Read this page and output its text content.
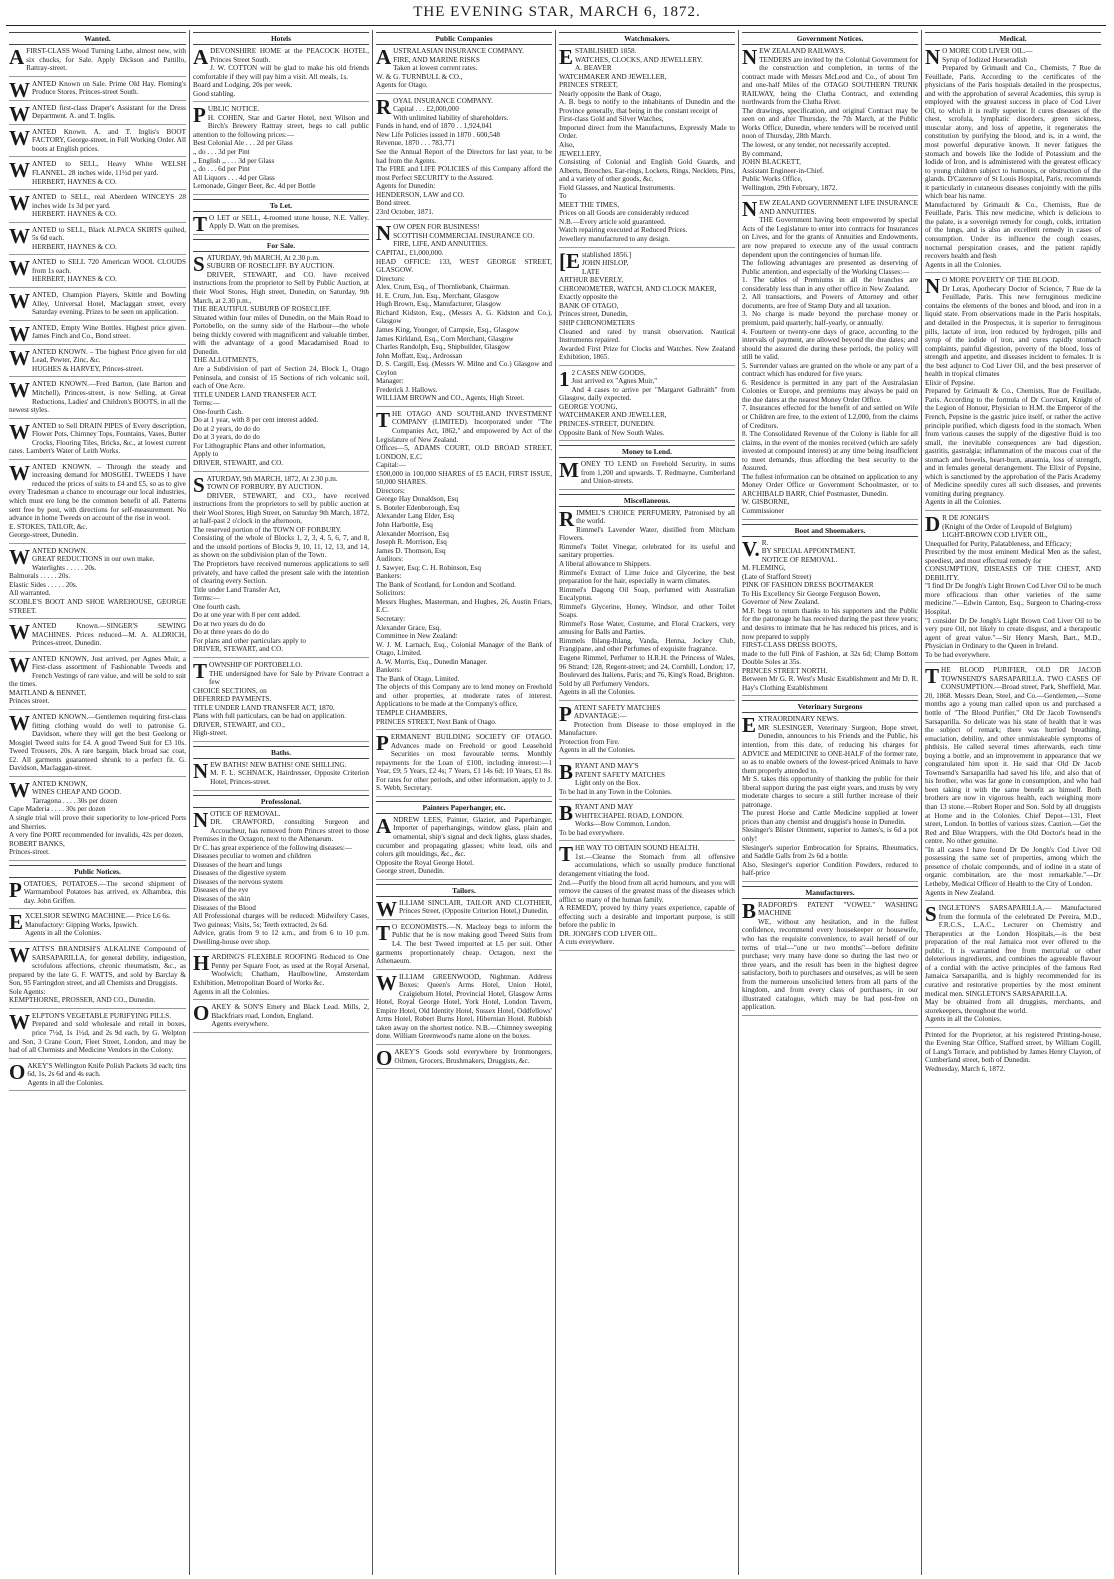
THE EVENING STAR, MARCH 6, 1872.
Wanted.
AFIRST-CLASS Wood Turning Lathe, almost new, with six chucks, for Sale. Apply Dickson and Pattillo, Rattray-street.
WANTED Known on Sale. Prime Old Hay. Fleming's Produce Stores, Princes-street South.
WANTED first-class Draper's Assistant for the Dress Department. A. and T. Inglis.
WANTED Known. A. and T. Inglis's BOOT FACTORY, George-street, in Full Working Order. All boots at English prices.
WANTED to SELL, Heavy White WELSH FLANNEL. 28 inches wide, 11½d per yard.
HERBERT, HAYNES & CO.
WANTED to SELL, real Aberdeen WINCEYS 28 inches wide 1s 3d per yard.
HERBERT. HAYNES & CO.
WANTED to SELL, Black ALPACA SKIRTS quilted, 5s 6d each.
HERBERT, HAYNES & CO.
WANTED to SELL 720 American WOOL CLOUDS from 1s each.
HERBERT, HAYNES & CO.
WANTED, Champion Players, Skittle and Bowling Alley, Universal Hotel, Maclaggan street, every Saturday evening. Prizes to be seen on application.
WANTED, Empty Wine Bottles. Highest price given. James Finch and Co., Bond street.
WANTED KNOWN. – The highest Price given for old Lead, Pewter, Zinc, &c.
HUGHES & HARVEY, Princes-street.
WANTED KNOWN.—Fred Barton, (late Barton and Mitchell), Princes-street, is now Selling, at Great Reductions, Ladies' and Children's BOOTS, in all the newest styles.
WANTED to Sell DRAIN PIPES of Every description, Flower Pots, Chimney Tops, Fountains, Vases, Butter Crocks, Flooring Tiles, Bricks, &c., at lowest current rates. Lambert's Water of Leith Works.
WANTED KNOWN. – Through the steady and increasing demand for MOSGIEL TWEEDS I have reduced the prices of suits to £4 and £5, so as to give every Tradesman a chance to encourage our local industries, which must ere long be the common benefit of all. Patterns sent free by post, with directions for self-measurement. No advance in home Tweeds on account of the rise in wool.
E. STOKES, TAILOR, &c.
George-street, Dunedin.
WANTED KNOWN.
GREAT REDUCTIONS in our own make.
Waterlights . . . . . 20s.
Balmorals . . . . . 20s.
Elastic Sides . . . . . 20s.
All warranted.
SCOBLE'S BOOT AND SHOE WAREHOUSE, GEORGE STREET.
WANTED Known.—SINGER'S SEWING MACHINES. Prices reduced—M. A. ALDRICH, Princes-street, Dunedin.
WANTED KNOWN, Just arrived, per Agnes Muir, a First-class assortment of Fashionable Tweeds and French Vestings of rare value, and will be sold to suit the times.
MAITLAND & BENNET,
Princes street.
WANTED KNOWN.—Gentlemen requiring first-class fitting clothing would do well to patronise G. Davidson, where they will get the best Geelong or Mosgiel Tweed suits for £4. A good Tweed Suit for £3 10s. Tweed Trousers, 20s. A rare bargain, black broad sac coat, £2. All garments guaranteed shrunk to a perfect fit. G. Davidson, Maclaggan-street.
WANTED KNOWN,
WINES CHEAP AND GOOD.
Tarragona . . . . 30s per dozen
Cape Maderia . . . . 30s per dozen
A single trial will prove their superiority to low-priced Ports and Sherries.
A very fine PORT recommended for invalids, 42s per dozen.
ROBERT BANKS,
Princes-street.
Public Notices.
POTATOES, POTATOES.—The second shipment of Warrnambool Potatoes has arrived, ex Alhambra, this day. John Griffen.
EXCELSIOR SEWING MACHINE.— Price L6 6s.
Manufactory: Gipping Works, Ipswich.
Agents in all the Colonies.
WATTS'S BRANDISH'S ALKALINE Compound of SARSAPARILLA, for general debility, indigestion, scrofulous affections, chronic rheumatism, &c., as prepared by the late G. F. WATTS, and sold by Barclay & Son, 95 Farringdon street, and all Chemists and Druggists.
Sole Agents:
KEMPTHORNE, PROSSER, AND CO., Dunedin.
WELPTON'S VEGETABLE PURIFYING PILLS.
Prepared and sold wholesale and retail in boxes, price 7½d, 1s 1½d, and 2s 9d each, by G. Welpton and Son, 3 Crane Court, Fleet Street, London, and may be had of all Chemists and Medicine Vendors in the Colony.
OAKEY'S Wellington Knife Polish Packets 3d each; tins 6d, 1s, 2s 6d and 4s each.
Agents in all the Colonies.
Hotels
ADEVONSHIRE HOME at the PEACOCK HOTEL, Princes Street South.
J. W. COTTON will be glad to make his old friends comfortable if they will pay him a visit. All meals, 1s.
Board and Lodging, 20s per week.
Good stabling.
PUBLIC NOTICE.
H. COHEN, Star and Garter Hotel, next Wilson and Birch's Brewery Rattray street, begs to call public attention to the following prices:—
Best Colonial Ale . . . 2d per Glass
,, do . . . 3d per Pint
,, English ,, . . . 3d per Glass
,, do . . . 6d per Pint
All Liquors . . . 4d per Glass
Lemonade, Ginger Beer, &c. 4d per Bottle
To Let.
TO LET or SELL, 4-roomed stone house, N.E. Valley. Apply D. Watt on the premises.
For Sale.
SATURDAY, 9th MARCH, At 2.30 p.m.
SUBURB OF ROSECLIFF. BY AUCTION.
DRIVER, STEWART, and CO. have received instructions from the proprietor to Sell by Public Auction, at their Wool Stores, High street, Dunedin, on Saturday, 9th March, at 2.30 p.m.,
THE BEAUTIFUL SUBURB OF ROSECLIFF.
Situated within four miles of Dunedin, on the Main Road to Portobello, on the sunny side of the Harbour—the whole being thickly covered with magnificent and valuable timber, with the advantage of a good Macadamised Road to Dunedin.
THE ALLOTMENTS,
Are a Subdivision of part of Section 24, Block I., Otago Peninsula, and consist of 15 Sections of rich volcanic soil, each of One Acre.
TITLE UNDER LAND TRANSFER ACT.
Terms:—
One-fourth Cash.
Do at 1 year, with 8 per cent interest added.
Do at 2 years, do do do
Do at 3 years, do do do
For Lithographic Plans and other information,
Apply to
DRIVER, STEWART, and CO.
SATURDAY, 9th MARCH, 1872, At 2.30 p.m.
TOWN OF FORBURY. BY AUCTION.
DRIVER, STEWART, and CO., have received instructions from the proprietors to sell by public auction at their Wool Stores, High Street, on Saturday 9th March, 1872, at half-past 2 o'clock in the afternoon,
The reserved portion of the TOWN OF FORBURY.
Consisting of the whole of Blocks 1, 2, 3, 4, 5, 6, 7, and 8, and the unsold portions of Blocks 9, 10, 11, 12, 13, and 14, as shown on the subdivision plan of the Town.
The Proprietors have received numerous applications to sell privately, and have called the present sale with the intention of clearing every Section.
Title under Land Transfer Act,
Terms:—
One fourth cash.
Do at one year with 8 per cent added.
Do at two years do do do
Do at three years do do do
For plans and other particulars apply to
DRIVER, STEWART, and CO.
TOWNSHIP OF PORTOBELLO.
THE undersigned have for Sale by Private Contract a few
CHOICE SECTIONS, on
DEFERRED PAYMENTS.
TITLE UNDER LAND TRANSFER ACT, 1870.
Plans with full particulars, can be had on application.
DRIVER, STEWART, and CO.,
High-street.
Baths.
NEW BATHS! NEW BATHS! ONE SHILLING.
M. F. L. SCHNACK, Hairdresser, Opposite Criterion Hotel, Princes-street.
Professional.
NOTICE OF REMOVAL.
DR. CRAWFORD, consulting Surgeon and Accoucheur, has removed from Princes street to those Premises in the Octagon, next to the Athenaeum.
Dr C. has great experience of the following diseases:—
Diseases peculiar to women and children
Diseases of the heart and lungs
Diseases of the digestive system
Diseases of the nervous system
Diseases of the eye
Diseases of the skin
Diseases of the Blood
All Professional charges will be reduced: Midwifery Cases, Two guineas; Visits, 5s; Teeth extracted, 2s 6d.
Advice, gratis from 9 to 12 a.m., and from 6 to 10 p.m. Dwelling-house over shop.
HARDING'S FLEXIBLE ROOFING Reduced to One Penny per Square Foot, as used at the Royal Arsenal, Woolwich; Chatham, Haulbowline, Amsterdam Exhibition, Metropolitan Board of Works &c.
Agents in all the Colonies.
OAKEY & SON'S Emery and Black Lead. Mills, 2, Blackfriars road, London, England.
Agents everywhere.
Public Companies
AUSTRALASIAN INSURANCE COMPANY.
FIRE, AND MARINE RISKS
Taken at lowest current rates.
W. & G. TURNBULL & CO.,
Agents for Otago.
ROYAL INSURANCE COMPANY.
Capital . . . £2,000,000
With unlimited liability of shareholders.
Funds in hand, end of 1870 . . 1,924,041
New Life Policies issued in 1870 . 600,548
Revenue, 1870 . . . 783,771
See the Annual Report of the Directors for last year, to be had from the Agents.
The FIRE and LIFE POLICIES of this Company afford the most Perfect SECURITY to the Assured.
Agents for Dunedin:
HENDERSON, LAW and CO.
Bond street.
23rd October, 1871.
NOW OPEN FOR BUSINESS!
SCOTTISH COMMERCIAL INSURANCE CO.
FIRE, LIFE, AND ANNUITIES.
CAPITAL, £1,000,000.
HEAD OFFICE: 133, WEST GEORGE STREET, GLASGOW.
Directors:
Alex. Crum, Esq., of Thornliebank, Chairman.
H. E. Crum, Jun. Esq., Merchant, Glasgow
Hugh Brown, Esq., Manufacturer, Glasgow
Richard Kidston, Esq., (Messrs A. G. Kidston and Co.), Glasgow
James King, Younger, of Campsie, Esq., Glasgow
James Kirkland, Esq., Corn Merchant, Glasgow
Charles Randolph, Esq., Shipbuilder, Glasgow
John Moffatt, Esq., Ardrossan
D. S. Cargill, Esq. (Messrs W. Milne and Co.) Glasgow and Ceylon
Manager:
Frederick J. Hallows.
WILLIAM BROWN and CO., Agents, High Street.
THE OTAGO AND SOUTHLAND INVESTMENT COMPANY (LIMITED). Incorporated under "The Companies Act, 1862," and empowered by Act of the Legislature of New Zealand.
Offices—5, ADAMS COURT, OLD BROAD STREET, LONDON, E.C.
Capital:—
£500,000 in 100,000 SHARES of £5 EACH, FIRST ISSUE, 50,000 SHARES.
Directors:
George Hay Donaldson, Esq
S. Boteler Edenborough, Esq
Alexander Lang Elder, Esq
John Harbottle, Esq
Alexander Morrison, Esq
Joseph R. Morrison, Esq
James D. Thomson, Esq
Auditors:
J. Sawyer, Esq; C. H. Robinson, Esq
Bankers:
The Bank of Scotland, for London and Scotland.
Solicitors:
Messrs Hughes, Masterman, and Hughes, 26, Austin Friars, E.C.
Secretary:
Alexander Grace, Esq.
Committee in New Zealand:
W. J. M. Larnach, Esq., Colonial Manager of the Bank of Otago, Limited.
A. W. Morris, Esq., Dunedin Manager.
Bankers:
The Bank of Otago, Limited.
The objects of this Company are to lend money on Freehold and other properties, at moderate rates of interest. Applications to be made at the Company's office,
TEMPLE CHAMBERS,
PRINCES STREET, Next Bank of Otago.
PERMANENT BUILDING SOCIETY OF OTAGO. Advances made on Freehold or good Leasehold Securities on most favourable terms. Monthly repayments for the Loan of £100, including interest:—1 Year, £9; 5 Years, £2 4s; 7 Years, £1 14s 6d; 10 Years, £1 8s. For rates for other periods, and other information, apply to J. S. Webb, Secretary.
Painters Paperhanger, etc.
ANDREW LEES, Painter, Glazier, and Paperhanger, Importer of paperhangings, window glass, plain and ornamental, ship's signal and deck lights, glass shades, cucumber and propagating glasses; white lead, oils and colors gilt mouldings, &c., &c.
Opposite the Royal George Hotel.
George street, Dunedin.
Tailors.
WILLIAM SINCLAIR, TAILOR AND CLOTHIER, Princes Street, (Opposite Criterion Hotel,) Dunedin.
TO ECONOMISTS.—N. Macleay begs to inform the Public that he is now making good Tweed Suits from L4. The best Tweed imported at L5 per suit. Other garments proportionately cheap. Octagon, next the Athenaeum.
WILLIAM GREENWOOD, Nightman. Address Boxes: Queen's Arms Hotel, Union Hotel, Craigieburn Hotel, Provincial Hotel, Glasgow Arms Hotel, Royal George Hotel, York Hotel, London Tavern, Empire Hotel, Old Identity Hotel, Sussex Hotel, Oddfellows' Arms Hotel, Robert Burns Hotel, Hibernian Hotel. Rubbish taken away on the shortest notice. N.B.—Chimney sweeping done. William Greenwood's name alone on the boxes.
OAKEY'S Goods sold everywhere by Ironmongers, Oilmen, Grocers, Brushmakers, Druggists, &c.
Watchmakers.
ESTABLISHED 1858.
WATCHES, CLOCKS, AND JEWELLERY.
A. BEAVER
WATCHMAKER AND JEWELLER,
PRINCES STREET,
Nearly opposite the Bank of Otago,
A. B. begs to notify to the inhabitants of Dunedin and the Province generally, that being in the constant receipt of
First-class Gold and Silver Watches,
Imported direct from the Manufactures, Expressly Made to Order.
Also,
JEWELLERY,
Consisting of Colonial and English Gold Guards, and Alberts, Brooches, Ear-rings, Lockets, Rings, Necklets, Pins, and a variety of other goods, &c.
Field Glasses, and Nautical Instruments.
To
MEET THE TIMES,
Prices on all Goods are considerably reduced
N.B.—Every article sold guaranteed.
Watch repairing executed at Reduced Prices.
Jewellery manufactured to any design.
[Established 1856.]
JOHN HISLOP,
LATE
ARTHUR BEVERLY,
CHRONOMETER, WATCH, AND CLOCK MAKER,
Exactly opposite the
BANK OF OTAGO,
Princes street, Dunedin,
SHIP CHRONOMETERS
Cleaned and rated by transit observation. Nautical Instruments repaired.
Awarded First Prize for Clocks and Watches. New Zealand Exhibition, 1865.
12 CASES NEW GOODS,
Just arrived ex "Agnes Muir,"
And 4 cases to arrive per "Margaret Galbraith" from Glasgow, daily expected.
GEORGE YOUNG,
WATCHMAKER AND JEWELLER,
PRINCES-STREET, DUNEDIN.
Opposite Bank of New South Wales.
Money to Lend.
MONEY TO LEND on Freehold Security, in sums from 1,200 and upwards. T. Redmayne, Cumberland and Union-streets.
Miscellaneous.
RIMMEL'S CHOICE PERFUMERY, Patronised by all the world.
Rimmel's Lavender Water, distilled from Mitcham Flowers.
Rimmel's Toilet Vinegar, celebrated for its useful and sanitary properties.
A liberal allowance to Shippers.
Rimmel's Extract of Lime Juice and Glycerine, the best preparation for the hair, especially in warm climates.
Rimmel's Dagong Oil Soap, perfumed with Australian Eucalyptus.
Rimmel's Glycerine, Honey, Windsor, and other Toilet Soaps.
Rimmel's Rose Water, Costume, and Floral Crackers, very amusing for Balls and Parties.
Rimmels Ihlang-Ihlang, Vanda, Henna, Jockey Club, Frangipane, and other Perfumes of exquisite fragrance.
Eugene Rimmel, Perfumer to H.R.H. the Princess of Wales, 96 Strand; 128, Regent-street; and 24, Cornhill, London; 17, Boulevard des Italiens, Paris; and 76, King's Road, Brighton.
Sold by all Perfumery Vendors.
Agents in all the Colonies.
PATENT SAFETY MATCHES
ADVANTAGE:—
Protection from Disease to those employed in the Manufacture.
Protection from Fire.
Agents in all the Colonies.
BRYANT AND MAY'S
PATENT SAFETY MATCHES
Light only on the Box.
To be had in any Town in the Colonies.
BRYANT AND MAY
WHITECHAPEL ROAD, LONDON.
Works—Bow Common, London.
To be had everywhere.
THE WAY TO OBTAIN SOUND HEALTH.
1st.—Cleanse the Stomach from all offensive accumulations, which so usually produce functional derangement vitiating the food.
2nd.—Purify the blood from all acrid humours, and you will remove the causes of the greatest mass of the diseases which afflict so many of the human family.
A REMEDY, proved by thirty years experience, capable of effecting such a desirable and important purpose, is still before the public in
DR. JONGH'S COD LIVER OIL.
A cuts everywhere.
Government Notices.
NEW ZEALAND RAILWAYS.
TENDERS are invited by the Colonial Government for the construction and completion, in terms of the contract made with Messrs McLeod and Co., of about Ten and one-half Miles of the OTAGO SOUTHERN TRUNK RAILWAY, being the Clutha Contract, and extending northwards from the Clutha River.
The drawings, specification, and original Contract may be seen on and after Thursday, the 7th March, at the Public Works Office, Dunedin, where tenders will be received until noon of Thursday, 28th March.
The lowest, or any tender, not necessarily accepted.
By command,
JOHN BLACKETT,
Assistant Engineer-in-Chief.
Public Works Office,
Wellington, 29th February, 1872.
NEW ZEALAND GOVERNMENT LIFE INSURANCE AND ANNUITIES.
THE Government having been empowered by special Acts of the Legislature to enter into contracts for Insurances on Lives, and for the grants of Annuities and Endowments, are now prepared to execute any of the usual contracts dependent upon the contingencies of human life.
The following advantages are presented as deserving of Public attention, and especially of the Working Classes:—
1. The tables of Premiums in all the branches are considerably less than in any other office in New Zealand.
2. All transactions, and Powers of Attorney and other documents, are free of Stamp Duty and all taxation.
3. No charge is made beyond the purchase money or premium, paid quarterly, half-yearly, or annually.
4. Fourteen or twenty-one days of grace, according to the intervals of payment, are allowed beyond the due dates; and should the assured die during these periods, the policy will still be valid.
5. Surrender values are granted on the whole or any part of a contract which has endured for five years.
6. Residence is permitted in any part of the Australasian Colonies or Europe, and premiums may always be paid on the due dates at the nearest Money Order Office.
7. Insurances effected for the benefit of and settled on Wife or Children are free, to the extent of L2,000, from the claims of Creditors.
8. The Consolidated Revenue of the Colony is liable for all claims, in the event of the monies received (which are safely invested at compound interest) at any time being insufficient to meet demands, thus affording the best security to the Assured.
The fullest information can be obtained on application to any Money Order Office or Government Schoolmaster, or to ARCHIBALD BARR, Chief Postmaster, Dunedin.
W. GISBORNE,
Commissioner
Boot and Shoemakers.
V.R.
BY SPECIAL APPOINTMENT.
NOTICE OF REMOVAL.
M. FLEMING,
(Late of Stafford Street)
PINK OF FASHION DRESS BOOTMAKER
To His Excellency Sir George Ferguson Bowen,
Governor of New Zealand.
M.F. begs to return thanks to his supporters and the Public for the patronage he has received during the past three years; and desires to intimate that he has reduced his prices, and is now prepared to supply
FIRST-CLASS DRESS BOOTS,
made to the full Pink of Fashion, at 32s 6d; Clump Bottom Double Soles at 35s.
PRINCES STREET NORTH.
Between Mr G. R. West's Music Establishment and Mr D. R. Hay's Clothing Establishment
Veterinary Surgeons
EXTRAORDINARY NEWS.
MR SLESINGER, Veterinary Surgeon, Hope street, Dunedin, announces to his Friends and the Public, his intention, from this date, of reducing his charges for ADVICE and MEDICINE to ONE-HALF of the former rate, so as to enable owners of the lowest-priced Animals to have them properly attended to.
Mr S. takes this opportunity of thanking the public for their liberal support during the past eight years, and trusts by very moderate charges to secure a still further increase of their patronage.
The purest Horse and Cattle Medicine supplied at lower prices than any chemist and druggist's house in Dunedin.
Slesinger's Blister Ointment, superior to James's, is 6d a pot only!
Slesinger's superior Embrocation for Sprains, Rheumatics, and Saddle Galls from 2s 6d a bottle.
Also, Slesinger's superior Condition Powders, reduced to half-price
Manufacturers.
BRADFORD'S PATENT "VOWEL" WASHING MACHINE
WE, without any hesitation, and in the fullest confidence, recommend every housekeeper or housewife, who has the requisite convenience, to avail herself of our terms of trial—"one or two months"—before definite purchase; very many have done so during the last two or three years, and the result has been in the highest degree satisfactory, both to purchasers and ourselves, as will be seen from the numerous unsolicited letters from all parts of the kingdom, and from every class of purchasers, in our illustrated catalogue, which may be had post-free on application.
Medical.
NO MORE COD LIVER OIL.—
Syrup of Iodized Horseradish
Prepared by Grimault and Co., Chemists, 7 Rue de Feuillade, Paris. According to the certificates of the physicians of the Paris hospitals detailed in the prospectus, and with the approbation of several Academies, this syrup is employed with the greatest success in place of Cod Liver Oil, to which it is really superior. It cures diseases of the chest, scrofula, lymphatic disorders, green sickness, muscular atony, and loss of appetite, it regenerates the constitution by purifying the blood, and is, in a word, the most powerful depurative known. It never fatigues the stomach and bowels like the Iodide of Potassium and the Iodide of Iron, and is administered with the greatest efficacy to young children subject to humours, or obstruction of the glands. D'Cazenave of St Louis Hospital, Paris, recommends it particularly in cutaneous diseases conjointly with the pills which bear his name.
Manufactured by Grimault & Co., Chemists, Rue de Feuillade, Paris. This new medicine, which is delicious to the palate, is a sovereign remedy for cough, colds, irritation of the lungs, and is also an excellent remedy in cases of consumption. Under its influence the cough ceases, nocturnal perspiration ceases, and the patient rapidly recovers health and flesh
Agents in all the Colonies.
NO MORE POVERTY OF THE BLOOD.
Dr Leras, Apothecary Doctor of Science, 7 Rue de la Feuillade, Paris. This new ferruginous medicine contains the elements of the bones and blood, and iron in a liquid state. From observations made in the Paris hospitals, and detailed in the Prospectus, it is superior to ferruginous pills, lactate of iron, iron reduced by hydrogen, pills and syrup of the iodide of iron, and cures rapidly stomach complaints, painful digestion, poverty of the blood, loss of strength and appetite, and diseases incident to females. It is the best adjunct to Cod Liver Oil, and the best preserver of health in tropical climates
Elixir of Pepsine.
Prepared by Grimault & Co., Chemists, Rue de Feuillade, Paris. According to the formula of Dr Corvisart, Knight of the Legion of Honour, Physician to H.M. the Emperor of the French, Pepsine is the gastric juice itself, or rather the active principle purified, which digests food in the stomach. When from various causes the supply of the digestive fluid is too small, the inevitable consequences are bad digestion, gastritis, gastralgia; inflammation of the mucous coat of the stomach and bowels, heart-burn, anaemia, loss of strength, and in females general derangement. The Elixir of Pepsine, which is sanctioned by the approbation of the Paris Academy of Medicine speedily cures all such diseases, and prevents vomiting during pregnancy.
Agents in all the Colonies.
DR DE JONGH'S
(Knight of the Order of Leopold of Belgium)
LIGHT-BROWN COD LIVER OIL,
Unequalled for Purity, Palatableness, and Efficacy;
Prescribed by the most eminent Medical Men as the safest, speediest, and most effectual remedy for
CONSUMPTION, DISEASES OF THE CHEST, AND DEBILITY.
"I find Dr De Jongh's Light Brown Cod Liver Oil to be much more efficacious than other varieties of the same medicine."—Edwin Canton, Esq., Surgeon to Charing-cross Hospital.
"I consider Dr De Jongh's Light Brown Cod Liver Oil to be very pure Oil, not likely to create disgust, and a therapeutic agent of great value."—Sir Henry Marsh, Bart., M.D., Physician in Ordinary to the Queen in Ireland.
To be had everywhere.
THE BLOOD PURIFIER, OLD DR JACOB TOWNSEND'S SARSAPARILLA. TWO CASES OF CONSUMPTION.—Broad street, Park, Sheffield, Mar. 20, 1868. Messrs Dean, Steel, and Co.—Gentlemen,—Some months ago a young man called upon us and purchased a bottle of "The Blood Purifier," Old Dr Jacob Townsend's Sarsaparilla. So delicate was his state of health that it was the subject of remark; there was hurried breathing, emaciation, debility, and other unmistakeable symptoms of phthisis. He called several times afterwards, each time buying a bottle, and an improvement in appearance that we congratulated him upon it. He said that Old Dr Jacob Townsend's Sarsaparilla had saved his life, and also that of his brother, who was far gone in consumption, and who had been taking it with the same benefit as himself. Both brothers are now in vigorous health, each weighing more than 13 stone.—Robert Roper and Son. Sold by all druggists at Home and in the Colonies. Chief Depot—131, Fleet street, London. In bottles of various sizes. Caution.—Get the Red and Blue Wrappers, with the Old Doctor's head in the centre. No other genuine.
"In all cases I have found Dr De Jongh's Cod Liver Oil possessing the same set of properties, among which the presence of cholaic compounds, and of iodine in a state of organic combination, are the most remarkable."—Dr Letheby, Medical Officer of Health to the City of London.
Agents in New Zealand.
SINGLETON'S SARSAPARILLA,— Manufactured from the formula of the celebrated Dr Pereira, M.D., F.R.C.S., L.A.C., Lecturer on Chemistry and Therapeutics at the London Hospitals,—is the best preparation of the real Jamaica root ever offered to the public. It is warranted free from mercurial or other deleterious ingredients, and combines the agreeable flavour of a cordial with the active principles of the famous Red Jamaica Sarsaparilla, and is highly recommended for its curative and restorative properties by the most eminent medical men. SINGLETON'S SARSAPARILLA.
May be obtained from all druggists, merchants, and storekeepers, throughout the world.
Agents in all the Colonies.
Printed for the Proprietor, at his registered Printing-house, the Evening Star Office, Stafford street, by William Cogill, of Lang's Terrace, and published by James Henry Clayton, of Cumberland street, both of Dunedin.
Wednesday, March 6, 1872.
